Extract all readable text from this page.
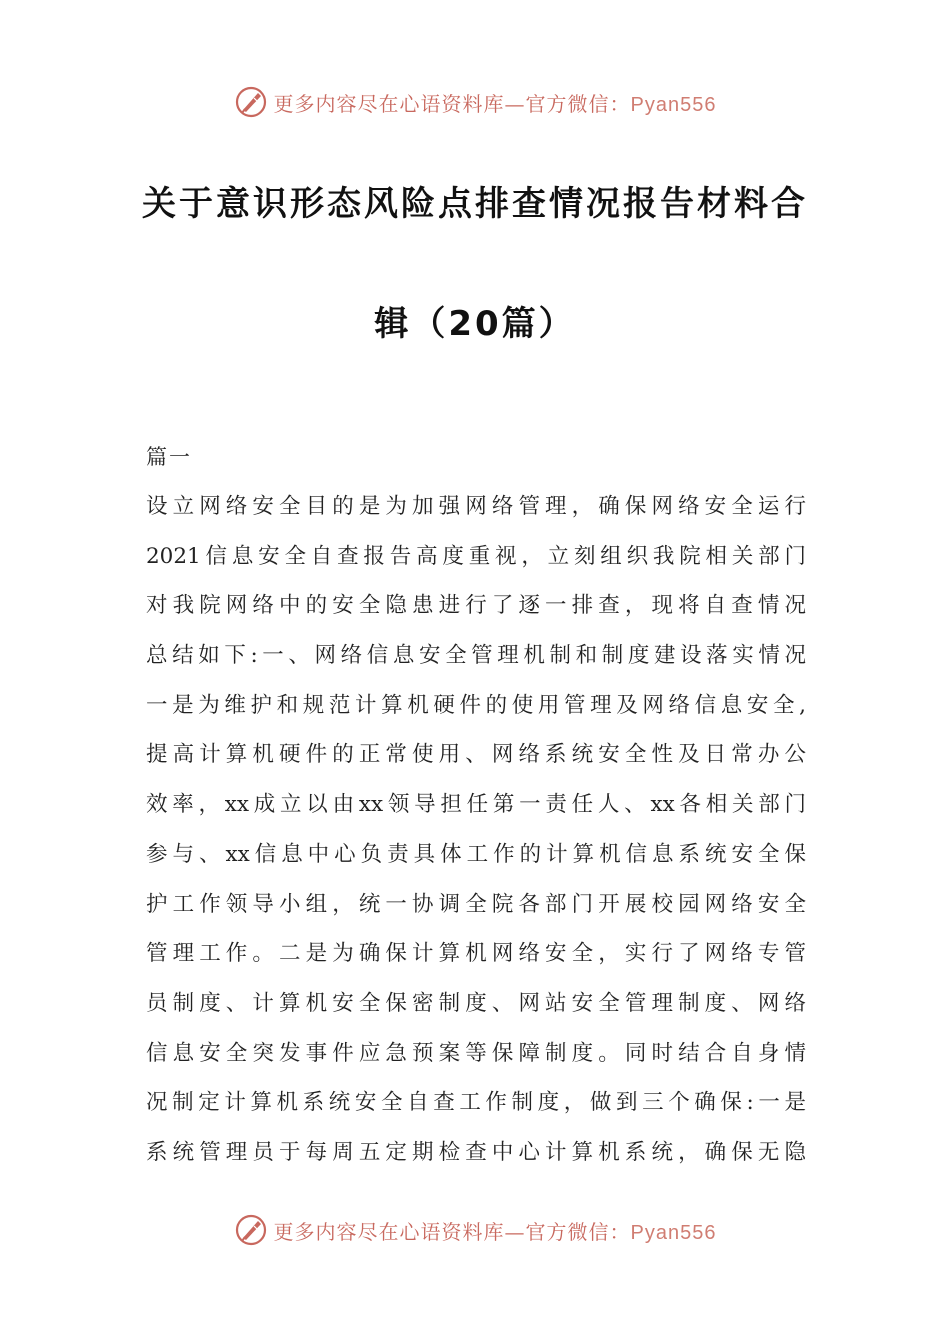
更多内容尽在心语资料库—官方微信：Pyan556
关于意识形态风险点排查情况报告材料合
辑（20篇）
篇一
设立网络安全目的是为加强网络管理，确保网络安全运行
2021信息安全自查报告高度重视，立刻组织我院相关部门
对我院网络中的安全隐患进行了逐一排查，现将自查情况
总结如下:一、网络信息安全管理机制和制度建设落实情况
一是为维护和规范计算机硬件的使用管理及网络信息安全,
提高计算机硬件的正常使用、网络系统安全性及日常办公
效率，xx成立以由xx领导担任第一责任人、xx各相关部门
参与、xx信息中心负责具体工作的计算机信息系统安全保
护工作领导小组，统一协调全院各部门开展校园网络安全
管理工作。二是为确保计算机网络安全，实行了网络专管
员制度、计算机安全保密制度、网站安全管理制度、网络
信息安全突发事件应急预案等保障制度。同时结合自身情
况制定计算机系统安全自查工作制度，做到三个确保:一是
系统管理员于每周五定期检查中心计算机系统，确保无隐
更多内容尽在心语资料库—官方微信：Pyan556
